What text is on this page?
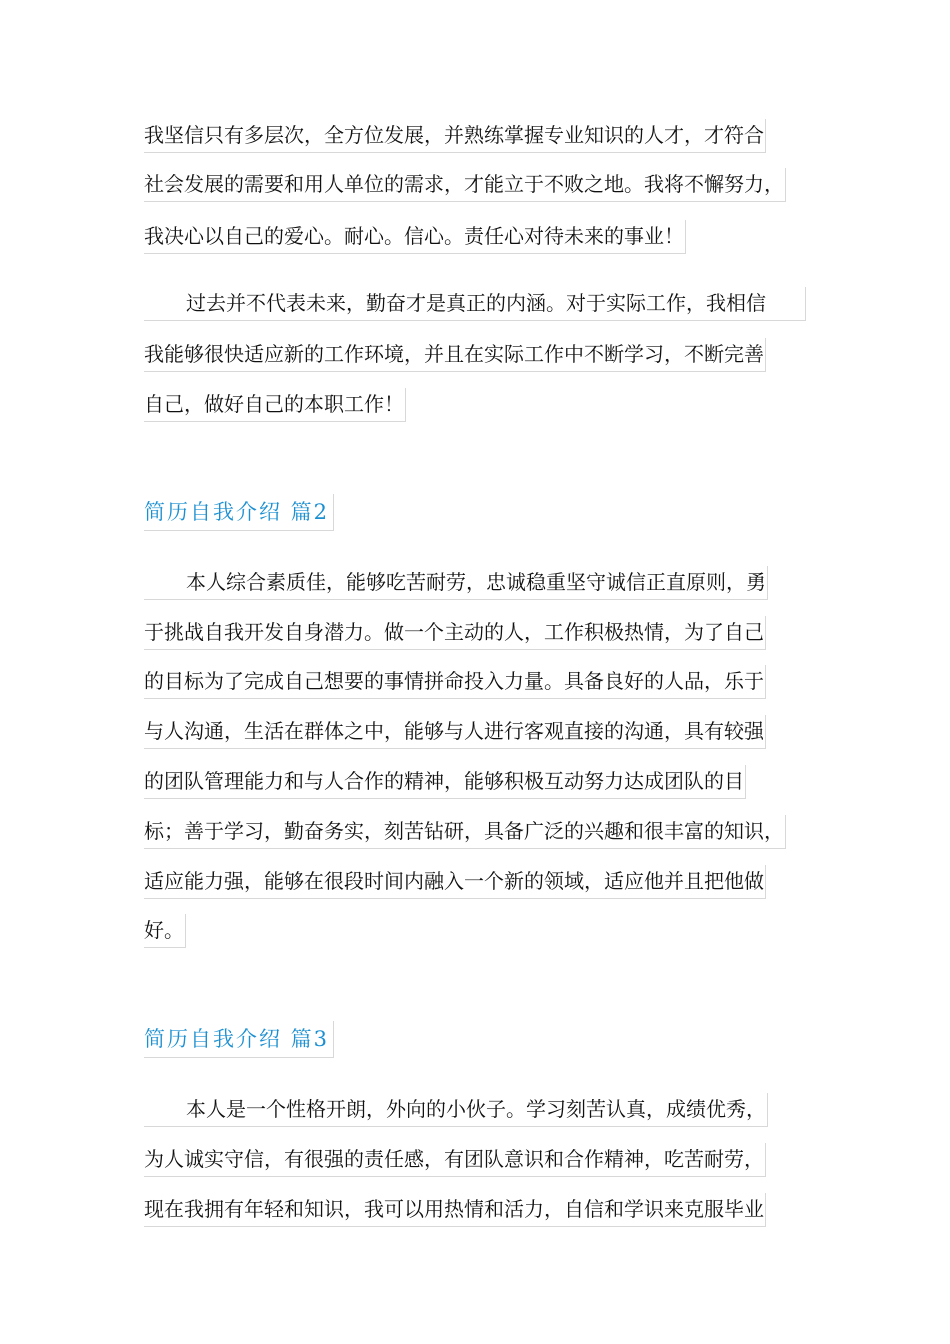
我坚信只有多层次，全方位发展，并熟练掌握专业知识的人才，才符合
社会发展的需要和用人单位的需求，才能立于不败之地。我将不懈努力，
我决心以自己的爱心。耐心。信心。责任心对待未来的事业！
过去并不代表未来，勤奋才是真正的内涵。对于实际工作，我相信
我能够很快适应新的工作环境，并且在实际工作中不断学习，不断完善
自己，做好自己的本职工作！
简历自我介绍 篇2
本人综合素质佳，能够吃苦耐劳，忠诚稳重坚守诚信正直原则，勇
于挑战自我开发自身潜力。做一个主动的人，工作积极热情，为了自己
的目标为了完成自己想要的事情拼命投入力量。具备良好的人品，乐于
与人沟通，生活在群体之中，能够与人进行客观直接的沟通，具有较强
的团队管理能力和与人合作的精神，能够积极互动努力达成团队的目
标；善于学习，勤奋务实，刻苦钻研，具备广泛的兴趣和很丰富的知识，
适应能力强，能够在很段时间内融入一个新的领域，适应他并且把他做
好。
简历自我介绍 篇3
本人是一个性格开朗，外向的小伙子。学习刻苦认真，成绩优秀，
为人诚实守信，有很强的责任感，有团队意识和合作精神，吃苦耐劳，
现在我拥有年轻和知识，我可以用热情和活力，自信和学识来克服毕业
